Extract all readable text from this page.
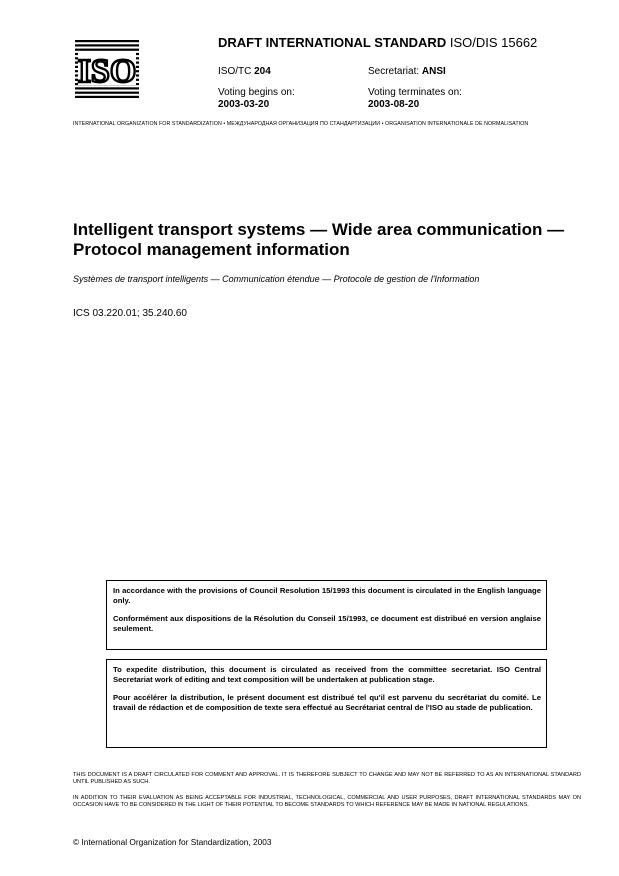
ISO
DRAFT INTERNATIONAL STANDARD ISO/DIS 15662
ISO/TC 204	Secretariat: ANSI
Voting begins on:
2003-03-20
Voting terminates on:
2003-08-20
INTERNATIONAL ORGANIZATION FOR STANDARDIZATION • МЕЖДУНАРОДНАЯ ОРГАНИЗАЦИЯ ПО СТАНДАРТИЗАЦИИ • ORGANISATION INTERNATIONALE DE NORMALISATION
Intelligent transport systems — Wide area communication —
Protocol management information
Systèmes de transport intelligents — Communication étendue — Protocole de gestion de l'Information
ICS 03.220.01; 35.240.60

In accordance with the provisions of Council Resolution 15/1993 this document is circulated in the English language only.

Conformément aux dispositions de la Résolution du Conseil 15/1993, ce document est distribué en version anglaise seulement.

To expedite distribution, this document is circulated as received from the committee secretariat. ISO Central Secretariat work of editing and text composition will be undertaken at publication stage.

Pour accélérer la distribution, le présent document est distribué tel qu'il est parvenu du secrétariat du comité. Le travail de rédaction et de composition de texte sera effectué au Secrétariat central de l'ISO au stade de publication.

THIS DOCUMENT IS A DRAFT CIRCULATED FOR COMMENT AND APPROVAL. IT IS THEREFORE SUBJECT TO CHANGE AND MAY NOT BE REFERRED TO AS AN INTERNATIONAL STANDARD UNTIL PUBLISHED AS SUCH.
IN ADDITION TO THEIR EVALUATION AS BEING ACCEPTABLE FOR INDUSTRIAL, TECHNOLOGICAL, COMMERCIAL AND USER PURPOSES, DRAFT INTERNATIONAL STANDARDS MAY ON OCCASION HAVE TO BE CONSIDERED IN THE LIGHT OF THEIR POTENTIAL TO BECOME STANDARDS TO WHICH REFERENCE MAY BE MADE IN NATIONAL REGULATIONS.
© International Organization for Standardization, 2003
